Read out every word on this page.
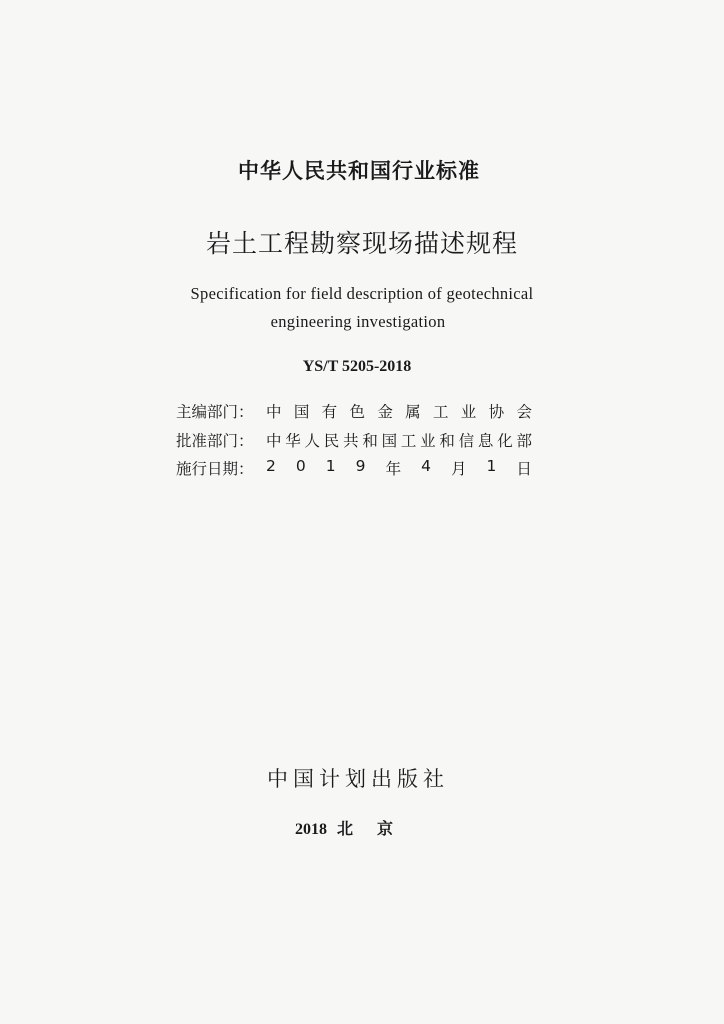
中华人民共和国行业标准
岩土工程勘察现场描述规程
Specification for field description of geotechnical
engineering investigation
YS/T 5205-2018
主编部门： 中 国 有 色 金 属 工 业 协 会
批准部门： 中 华 人 民 共 和 国 工 业 和 信 息 化 部
施行日期： 2 0 1 9 年 4 月 1 日
中国计划出版社
2018 北京
